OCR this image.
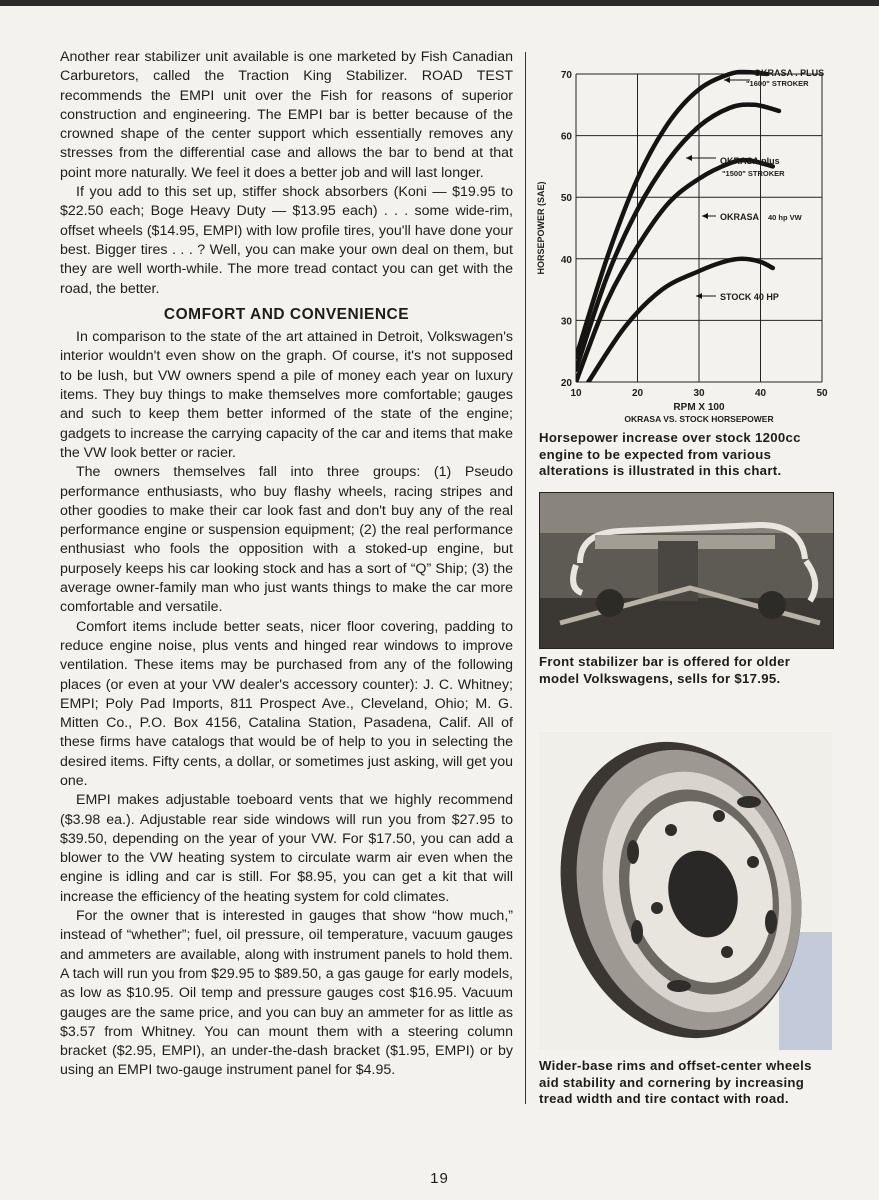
Another rear stabilizer unit available is one marketed by Fish Canadian Carburetors, called the Traction King Stabilizer. ROAD TEST recommends the EMPI unit over the Fish for reasons of superior construction and engineering. The EMPI bar is better because of the crowned shape of the center support which essentially removes any stresses from the differential case and allows the bar to bend at that point more naturally. We feel it does a better job and will last longer.

If you add to this set up, stiffer shock absorbers (Koni — $19.95 to $22.50 each; Boge Heavy Duty — $13.95 each) . . . some wide-rim, offset wheels ($14.95, EMPI) with low profile tires, you'll have done your best. Bigger tires . . . ? Well, you can make your own deal on them, but they are well worth-while. The more tread contact you can get with the road, the better.

COMFORT AND CONVENIENCE

In comparison to the state of the art attained in Detroit, Volkswagen's interior wouldn't even show on the graph. Of course, it's not supposed to be lush, but VW owners spend a pile of money each year on luxury items. They buy things to make themselves more comfortable; gauges and such to keep them better informed of the state of the engine; gadgets to increase the carrying capacity of the car and items that make the VW look better or racier.

The owners themselves fall into three groups: (1) Pseudo performance enthusiasts, who buy flashy wheels, racing stripes and other goodies to make their car look fast and don't buy any of the real performance engine or suspension equipment; (2) the real performance enthusiast who fools the opposition with a stoked-up engine, but purposely keeps his car looking stock and has a sort of “Q” Ship; (3) the average owner-family man who just wants things to make the car more comfortable and versatile.

Comfort items include better seats, nicer floor covering, padding to reduce engine noise, plus vents and hinged rear windows to improve ventilation. These items may be purchased from any of the following places (or even at your VW dealer's accessory counter): J. C. Whitney; EMPI; Poly Pad Imports, 811 Prospect Ave., Cleveland, Ohio; M. G. Mitten Co., P.O. Box 4156, Catalina Station, Pasadena, Calif. All of these firms have catalogs that would be of help to you in selecting the desired items. Fifty cents, a dollar, or sometimes just asking, will get you one.

EMPI makes adjustable toeboard vents that we highly recommend ($3.98 ea.). Adjustable rear side windows will run you from $27.95 to $39.50, depending on the year of your VW. For $17.50, you can add a blower to the VW heating system to circulate warm air even when the engine is idling and car is still. For $8.95, you can get a kit that will increase the efficiency of the heating system for cold climates.

For the owner that is interested in gauges that show “how much,” instead of “whether”; fuel, oil pressure, oil temperature, vacuum gauges and ammeters are available, along with instrument panels to hold them. A tach will run you from $29.95 to $89.50, a gas gauge for early models, as low as $10.95. Oil temp and pressure gauges cost $16.95. Vacuum gauges are the same price, and you can buy an ammeter for as little as $3.57 from Whitney. You can mount them with a steering column bracket ($2.95, EMPI), an under-the-dash bracket ($1.95, EMPI) or by using an EMPI two-gauge instrument panel for $4.95.

10	20	30	40	50
20
30
40
50
60
70
RPM X 100
HORSEPOWER (SAE)
OKRASA VS. STOCK HORSEPOWER
OKRASA . PLUS
"1600" STROKER
OKRASA plus
"1500" STROKER
OKRASA 40 hp VW
STOCK 40 HP
Horsepower increase over stock 1200cc engine to be expected from various alterations is illustrated in this chart.
Front stabilizer bar is offered for older model Volkswagens, sells for $17.95.
Wider-base rims and offset-center wheels aid stability and cornering by increasing tread width and tire contact with road.
19
